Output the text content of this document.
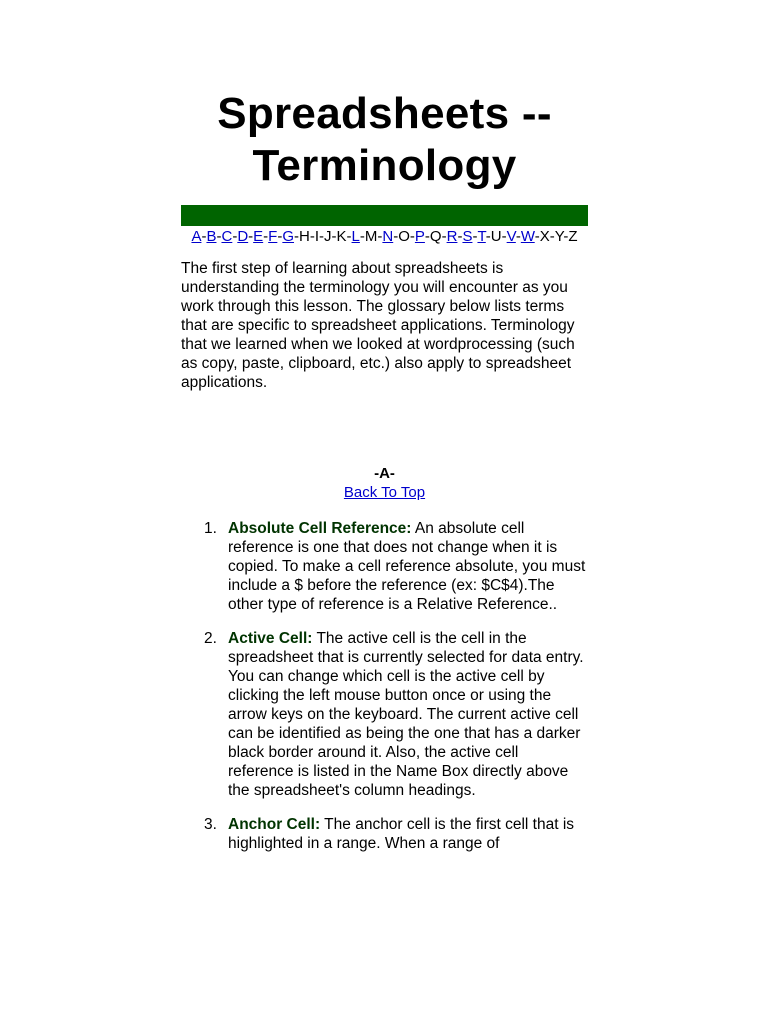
Spreadsheets -- Terminology
A-B-C-D-E-F-G-H-I-J-K-L-M-N-O-P-Q-R-S-T-U-V-W-X-Y-Z

The first step of learning about spreadsheets is understanding the terminology you will encounter as you work through this lesson. The glossary below lists terms that are specific to spreadsheet applications. Terminology that we learned when we looked at wordprocessing (such as copy, paste, clipboard, etc.) also apply to spreadsheet applications.

-A-
Back To Top
1. Absolute Cell Reference: An absolute cell reference is one that does not change when it is copied. To make a cell reference absolute, you must include a $ before the reference (ex: $C$4).The other type of reference is a Relative Reference..
2. Active Cell: The active cell is the cell in the spreadsheet that is currently selected for data entry. You can change which cell is the active cell by clicking the left mouse button once or using the arrow keys on the keyboard. The current active cell can be identified as being the one that has a darker black border around it. Also, the active cell reference is listed in the Name Box directly above the spreadsheet's column headings.
3. Anchor Cell: The anchor cell is the first cell that is highlighted in a range. When a range of
